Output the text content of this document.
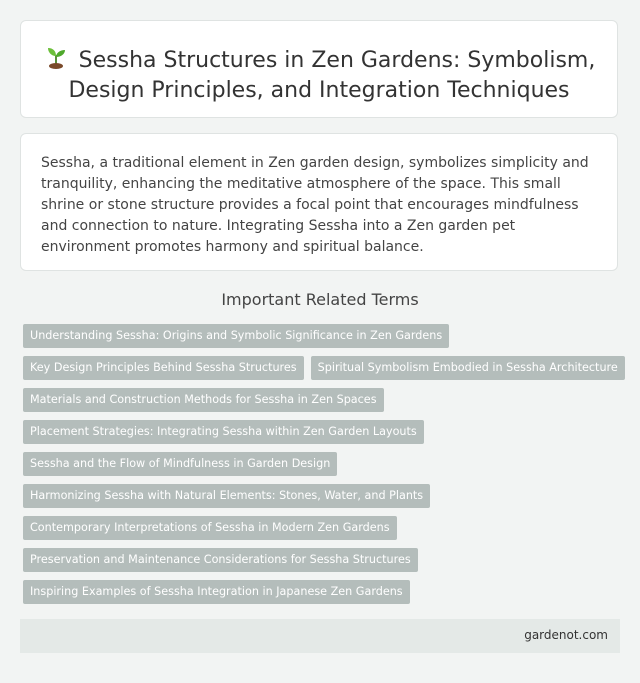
Sessha Structures in Zen Gardens: Symbolism, Design Principles, and Integration Techniques

Sessha, a traditional element in Zen garden design, symbolizes simplicity and tranquility, enhancing the meditative atmosphere of the space. This small shrine or stone structure provides a focal point that encourages mindfulness and connection to nature. Integrating Sessha into a Zen garden pet environment promotes harmony and spiritual balance.

Important Related Terms
Understanding Sessha: Origins and Symbolic Significance in Zen Gardens
Key Design Principles Behind Sessha Structures	Spiritual Symbolism Embodied in Sessha Architecture
Materials and Construction Methods for Sessha in Zen Spaces
Placement Strategies: Integrating Sessha within Zen Garden Layouts
Sessha and the Flow of Mindfulness in Garden Design
Harmonizing Sessha with Natural Elements: Stones, Water, and Plants
Contemporary Interpretations of Sessha in Modern Zen Gardens
Preservation and Maintenance Considerations for Sessha Structures
Inspiring Examples of Sessha Integration in Japanese Zen Gardens
gardenot.com
